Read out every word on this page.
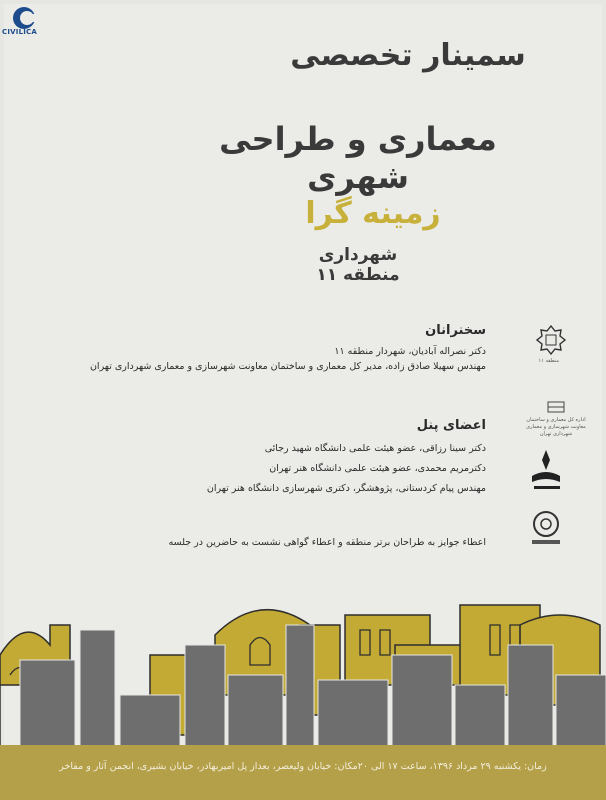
CIVILICA
سمینار تخصصی
معماری و طراحی شهری
زمینه گرا
شهرداری منطقه ۱۱
سخنرانان
دکتر نصراله آبادیان، شهردار منطقه ۱۱
مهندس سهیلا صادق زاده، مدیر کل معماری و ساختمان معاونت شهرسازی و معماری شهرداری تهران
اعضای پنل
دکتر سینا رزاقی، عضو هیئت علمی دانشگاه شهید رجائی
دکترمریم محمدی، عضو هیئت علمی دانشگاه هنر تهران
مهندس پیام کردستانی، پژوهشگر، دکتری شهرسازی دانشگاه هنر تهران
اعطاء جوایز به طراحان برتر منطقه و اعطاء گواهی نشست به حاضرین در جلسه
منطقه ۱۱
اداره کل معماری و ساختمان معاونت شهرسازی و معماری شهرداری تهران
زمان: یکشنبه ۲۹ مرداد ۱۳۹۶، ساعت ۱۷ الی ۲۰مکان: خیابان ولیعصر، بعداز پل امیربهادر، خیابان بشیری، انجمن آثار و مفاخر
